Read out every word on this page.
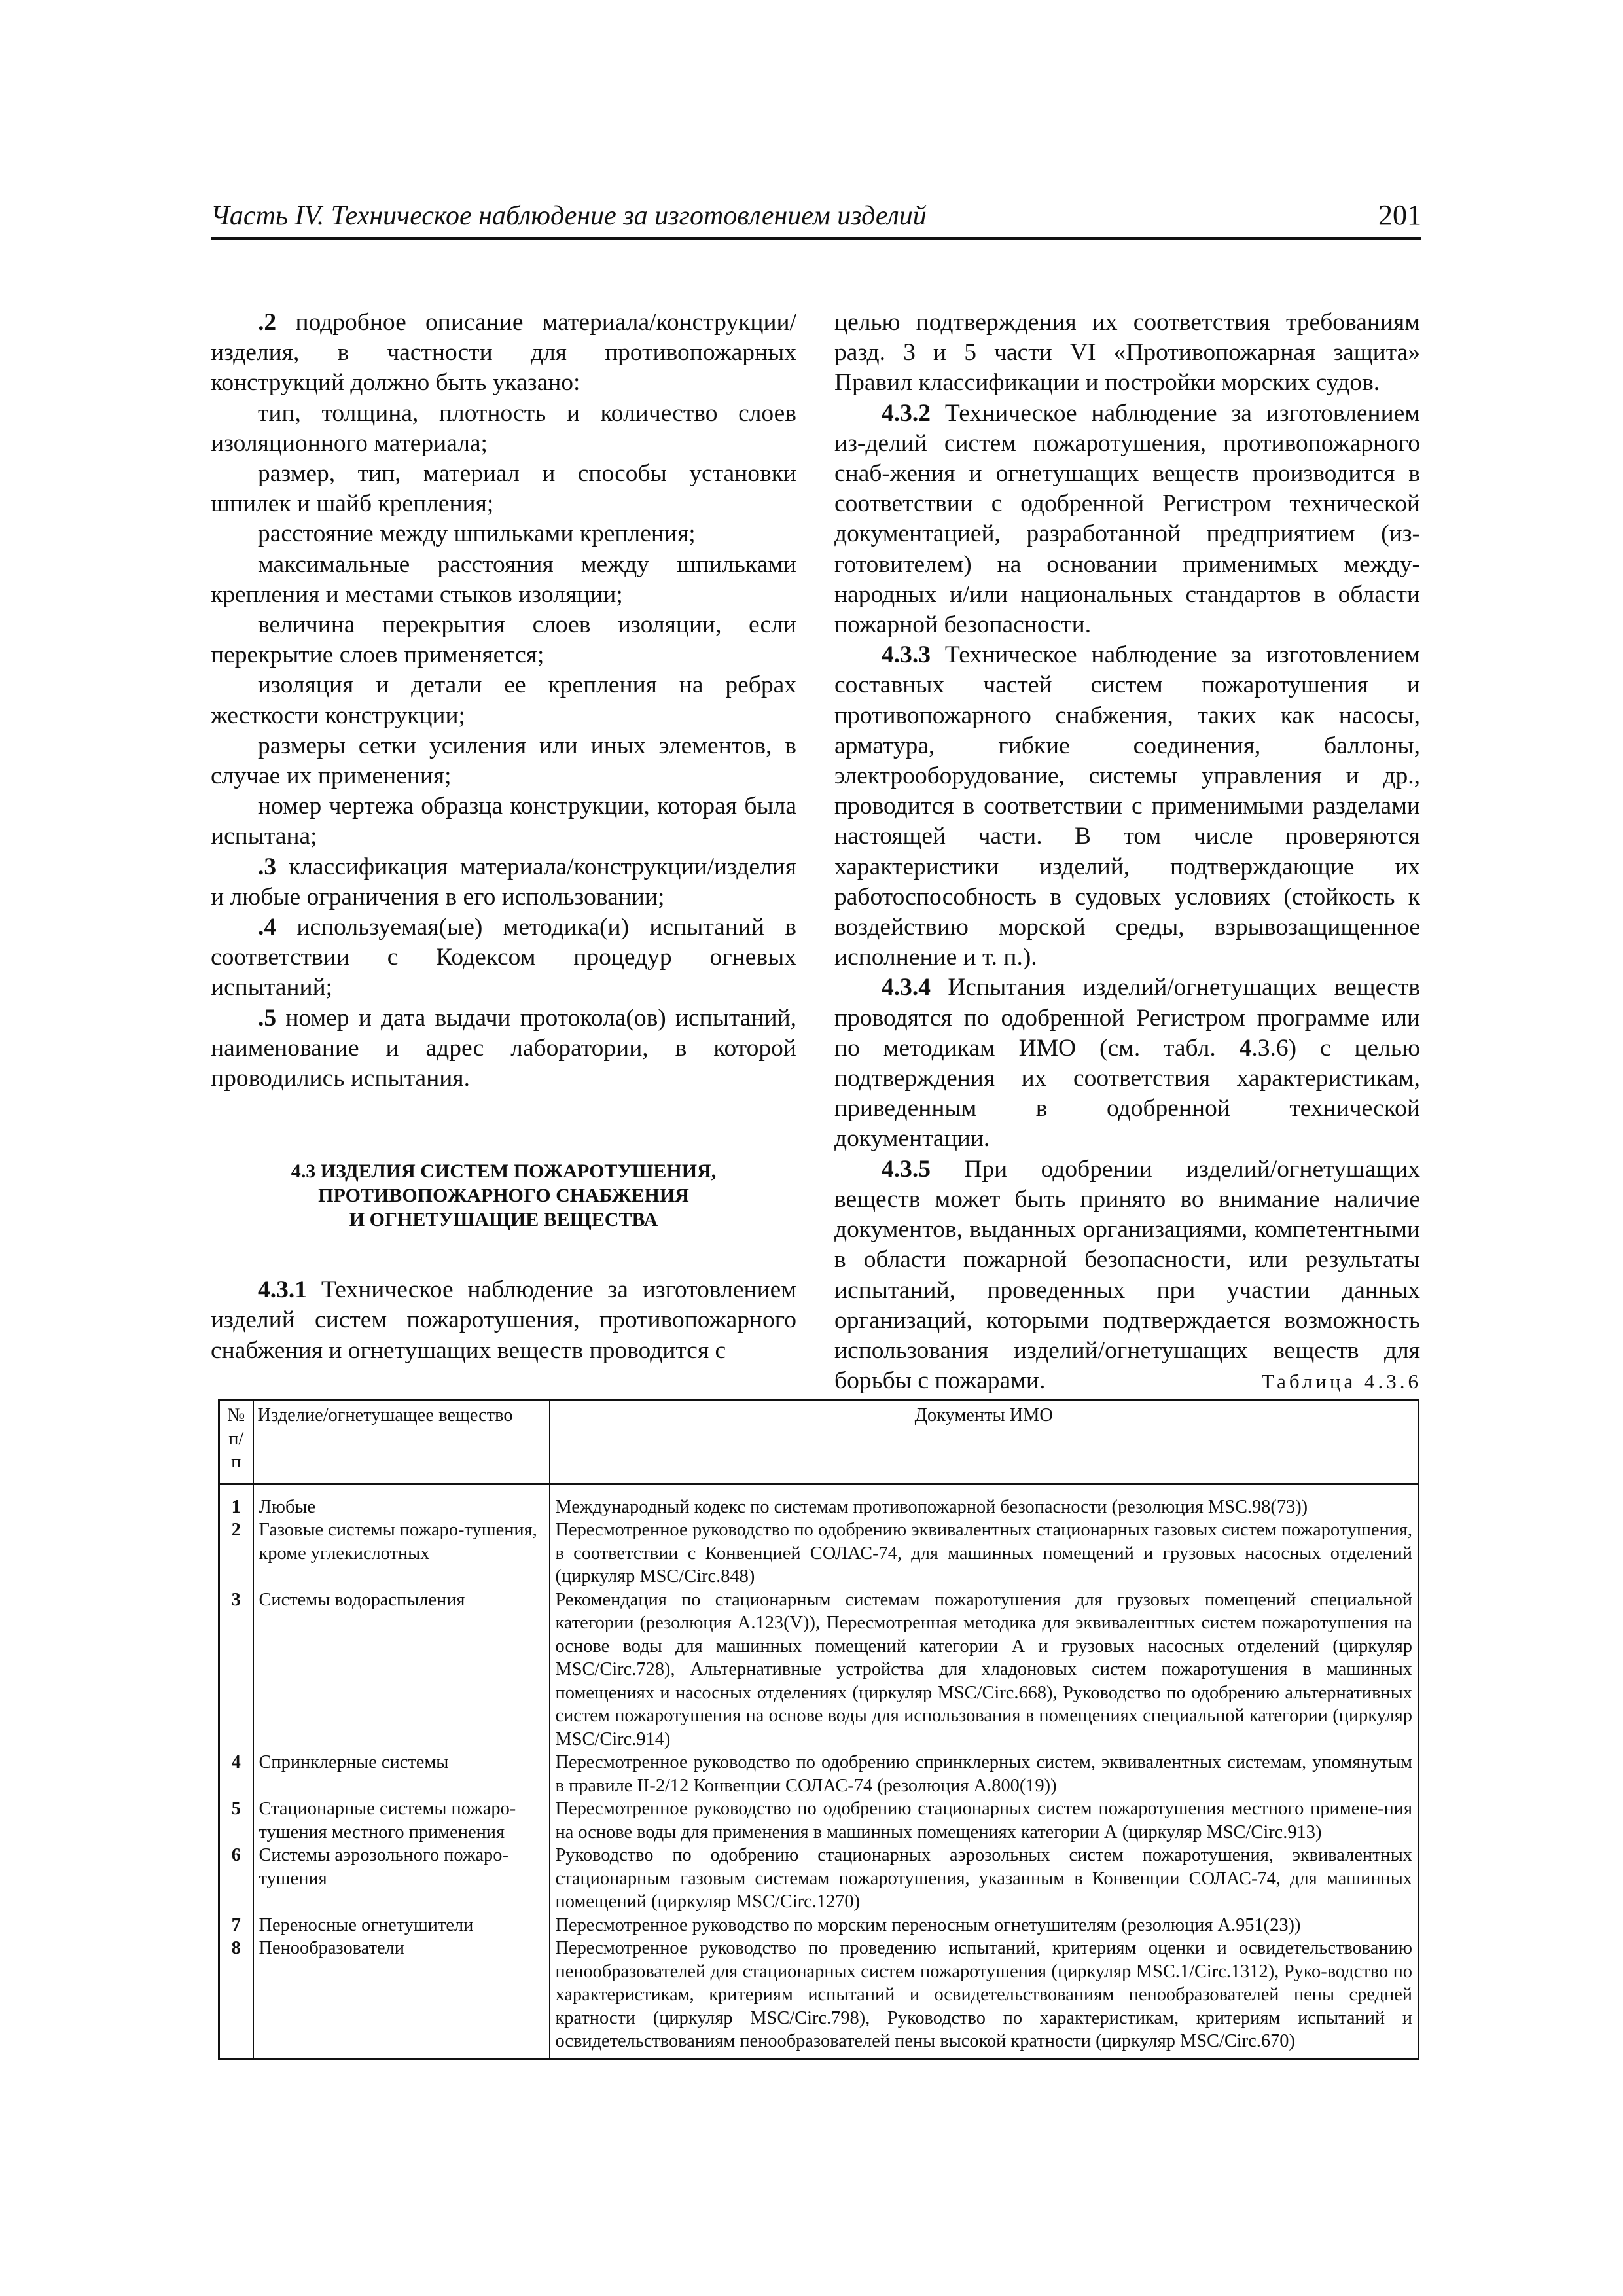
Часть IV. Техническое наблюдение за изготовлением изделий	201

.2 подробное описание материала/конструкции/изделия, в частности для противопожарных конструкций должно быть указано:

тип, толщина, плотность и количество слоев изоляционного материала;

размер, тип, материал и способы установки шпилек и шайб крепления;

расстояние между шпильками крепления;

максимальные расстояния между шпильками крепления и местами стыков изоляции;

величина перекрытия слоев изоляции, если перекрытие слоев применяется;

изоляция и детали ее крепления на ребрах жесткости конструкции;

размеры сетки усиления или иных элементов, в случае их применения;

номер чертежа образца конструкции, которая была испытана;

.3 классификация материала/конструкции/изделия и любые ограничения в его использовании;

.4 используемая(ые) методика(и) испытаний в соответствии с Кодексом процедур огневых испытаний;

.5 номер и дата выдачи протокола(ов) испытаний, наименование и адрес лаборатории, в которой проводились испытания.

4.3 ИЗДЕЛИЯ СИСТЕМ ПОЖАРОТУШЕНИЯ,
ПРОТИВОПОЖАРНОГО СНАБЖЕНИЯ
И ОГНЕТУШАЩИЕ ВЕЩЕСТВА

4.3.1 Техническое наблюдение за изготовлением изделий систем пожаротушения, противопожарного снабжения и огнетушащих веществ проводится с

целью подтверждения их соответствия требованиям разд. 3 и 5 части VI «Противопожарная защита» Правил классификации и постройки морских судов.

4.3.2 Техническое наблюдение за изготовлением из-делий систем пожаротушения, противопожарного снаб-жения и огнетушащих веществ производится в соответствии с одобренной Регистром технической документацией, разработанной предприятием (из-готовителем) на основании применимых между-народных и/или национальных стандартов в области пожарной безопасности.

4.3.3 Техническое наблюдение за изготовлением составных частей систем пожаротушения и противопожарного снабжения, таких как насосы, арматура, гибкие соединения, баллоны, электрооборудование, системы управления и др., проводится в соответствии с применимыми разделами настоящей части. В том числе проверяются характеристики изделий, подтверждающие их работоспособность в судовых условиях (стойкость к воздействию морской среды, взрывозащищенное исполнение и т. п.).

4.3.4 Испытания изделий/огнетушащих веществ проводятся по одобренной Регистром программе или по методикам ИМО (см. табл. 4.3.6) с целью подтверждения их соответствия характеристикам, приведенным в одобренной технической документации.

4.3.5 При одобрении изделий/огнетушащих веществ может быть принято во внимание наличие документов, выданных организациями, компетентными в области пожарной безопасности, или результаты испытаний, проведенных при участии данных организаций, которыми подтверждается возможность использования изделий/огнетушащих веществ для борьбы с пожарами.	Таблица 4.3.6
№ п/п	Изделие/огнетушащее вещество	Документы ИМО
1	Любые	Международный кодекс по системам противопожарной безопасности (резолюция MSC.98(73))
2	Газовые системы пожаро-тушения, кроме углекислотных	Пересмотренное руководство по одобрению эквивалентных стационарных газовых систем пожаротушения, в соответствии с Конвенцией СОЛАС-74, для машинных помещений и грузовых насосных отделений (циркуляр MSC/Circ.848)
3	Системы водораспыления	Рекомендация по стационарным системам пожаротушения для грузовых помещений специальной категории (резолюция A.123(V)), Пересмотренная методика для эквивалентных систем пожаротушения на основе воды для машинных помещений категории А и грузовых насосных отделений (циркуляр MSC/Circ.728), Альтернативные устройства для хладоновых систем пожаротушения в машинных помещениях и насосных отделениях (циркуляр MSC/Circ.668), Руководство по одобрению альтернативных систем пожаротушения на основе воды для использования в помещениях специальной категории (циркуляр MSC/Circ.914)
4	Спринклерные системы	Пересмотренное руководство по одобрению спринклерных систем, эквивалентных системам, упомянутым в правиле II-2/12 Конвенции СОЛАС-74 (резолюция A.800(19))
5	Стационарные системы пожаро-тушения местного применения	Пересмотренное руководство по одобрению стационарных систем пожаротушения местного примене-ния на основе воды для применения в машинных помещениях категории А (циркуляр MSC/Circ.913)
6	Системы аэрозольного пожаро-тушения	Руководство по одобрению стационарных аэрозольных систем пожаротушения, эквивалентных стационарным газовым системам пожаротушения, указанным в Конвенции СОЛАС-74, для машинных помещений (циркуляр MSC/Circ.1270)
7	Переносные огнетушители	Пересмотренное руководство по морским переносным огнетушителям (резолюция A.951(23))
8	Пенообразователи	Пересмотренное руководство по проведению испытаний, критериям оценки и освидетельствованию пенообразователей для стационарных систем пожаротушения (циркуляр MSC.1/Circ.1312), Руко-водство по характеристикам, критериям испытаний и освидетельствованиям пенообразователей пены средней кратности (циркуляр MSC/Circ.798), Руководство по характеристикам, критериям испытаний и освидетельствованиям пенообразователей пены высокой кратности (циркуляр MSC/Circ.670)
